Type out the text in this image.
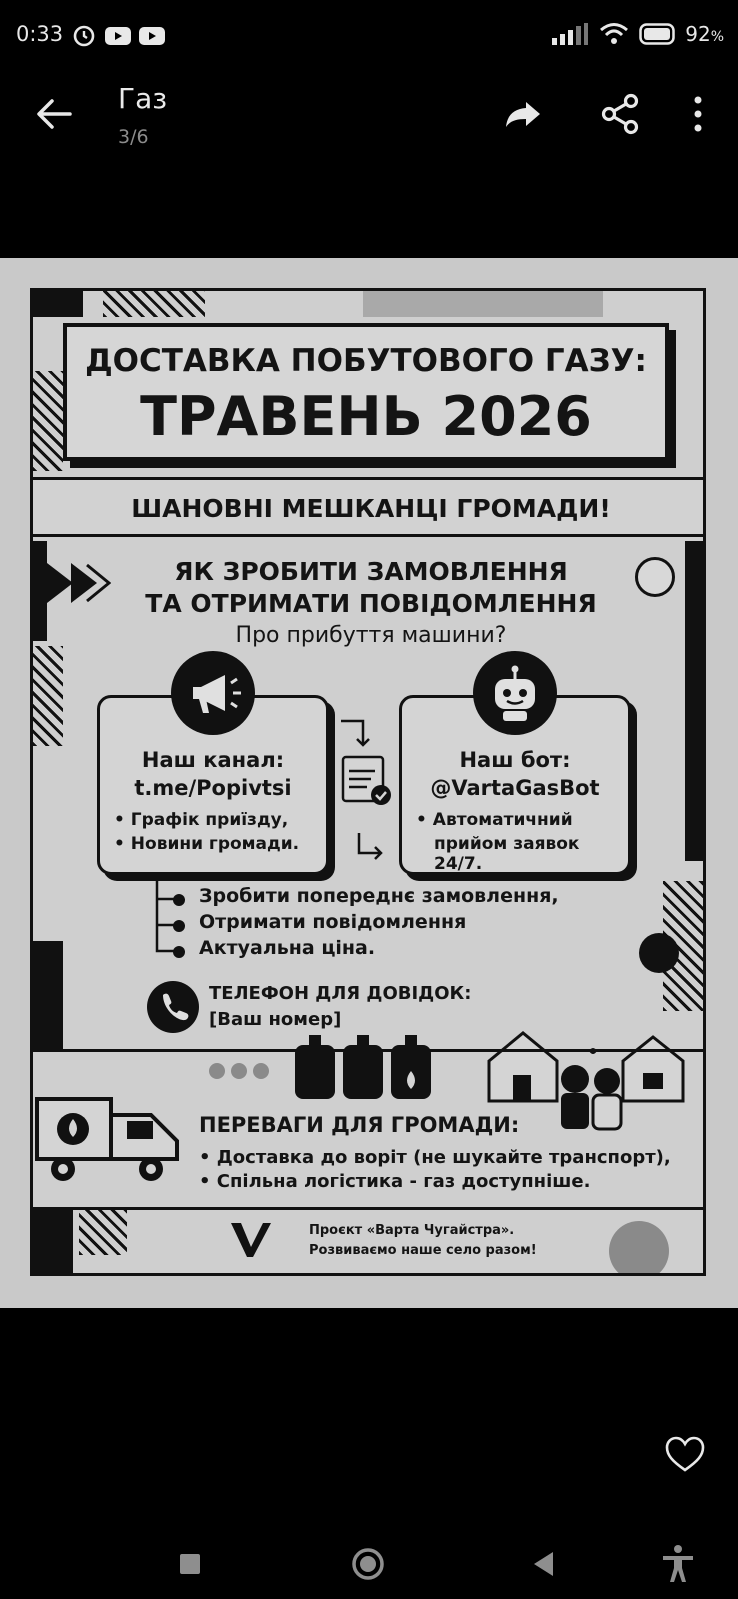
0:33	92%
Газ
3/6
ДОСТАВКА ПОБУТОВОГО ГАЗУ:
ТРАВЕНЬ 2026
ШАНОВНІ МЕШКАНЦІ ГРОМАДИ!
ЯК ЗРОБИТИ ЗАМОВЛЕННЯ
ТА ОТРИМАТИ ПОВІДОМЛЕННЯ
Про прибуття машини?
Наш канал:
t.me/Popivtsi
• Графік приїзду,
• Новини громади.
Наш бот:
@VartaGasBot
• Автоматичний
прийом заявок 24/7.
Зробити попереднє замовлення,
Отримати повідомлення
Актуальна ціна.
ТЕЛЕФОН ДЛЯ ДОВІДОК:
[Ваш номер]
ПЕРЕВАГИ ДЛЯ ГРОМАДИ:
• Доставка до воріт (не шукайте транспорт),
• Спільна логістика - газ доступніше.
Проєкт «Варта Чугайстра».
Розвиваємо наше село разом!
